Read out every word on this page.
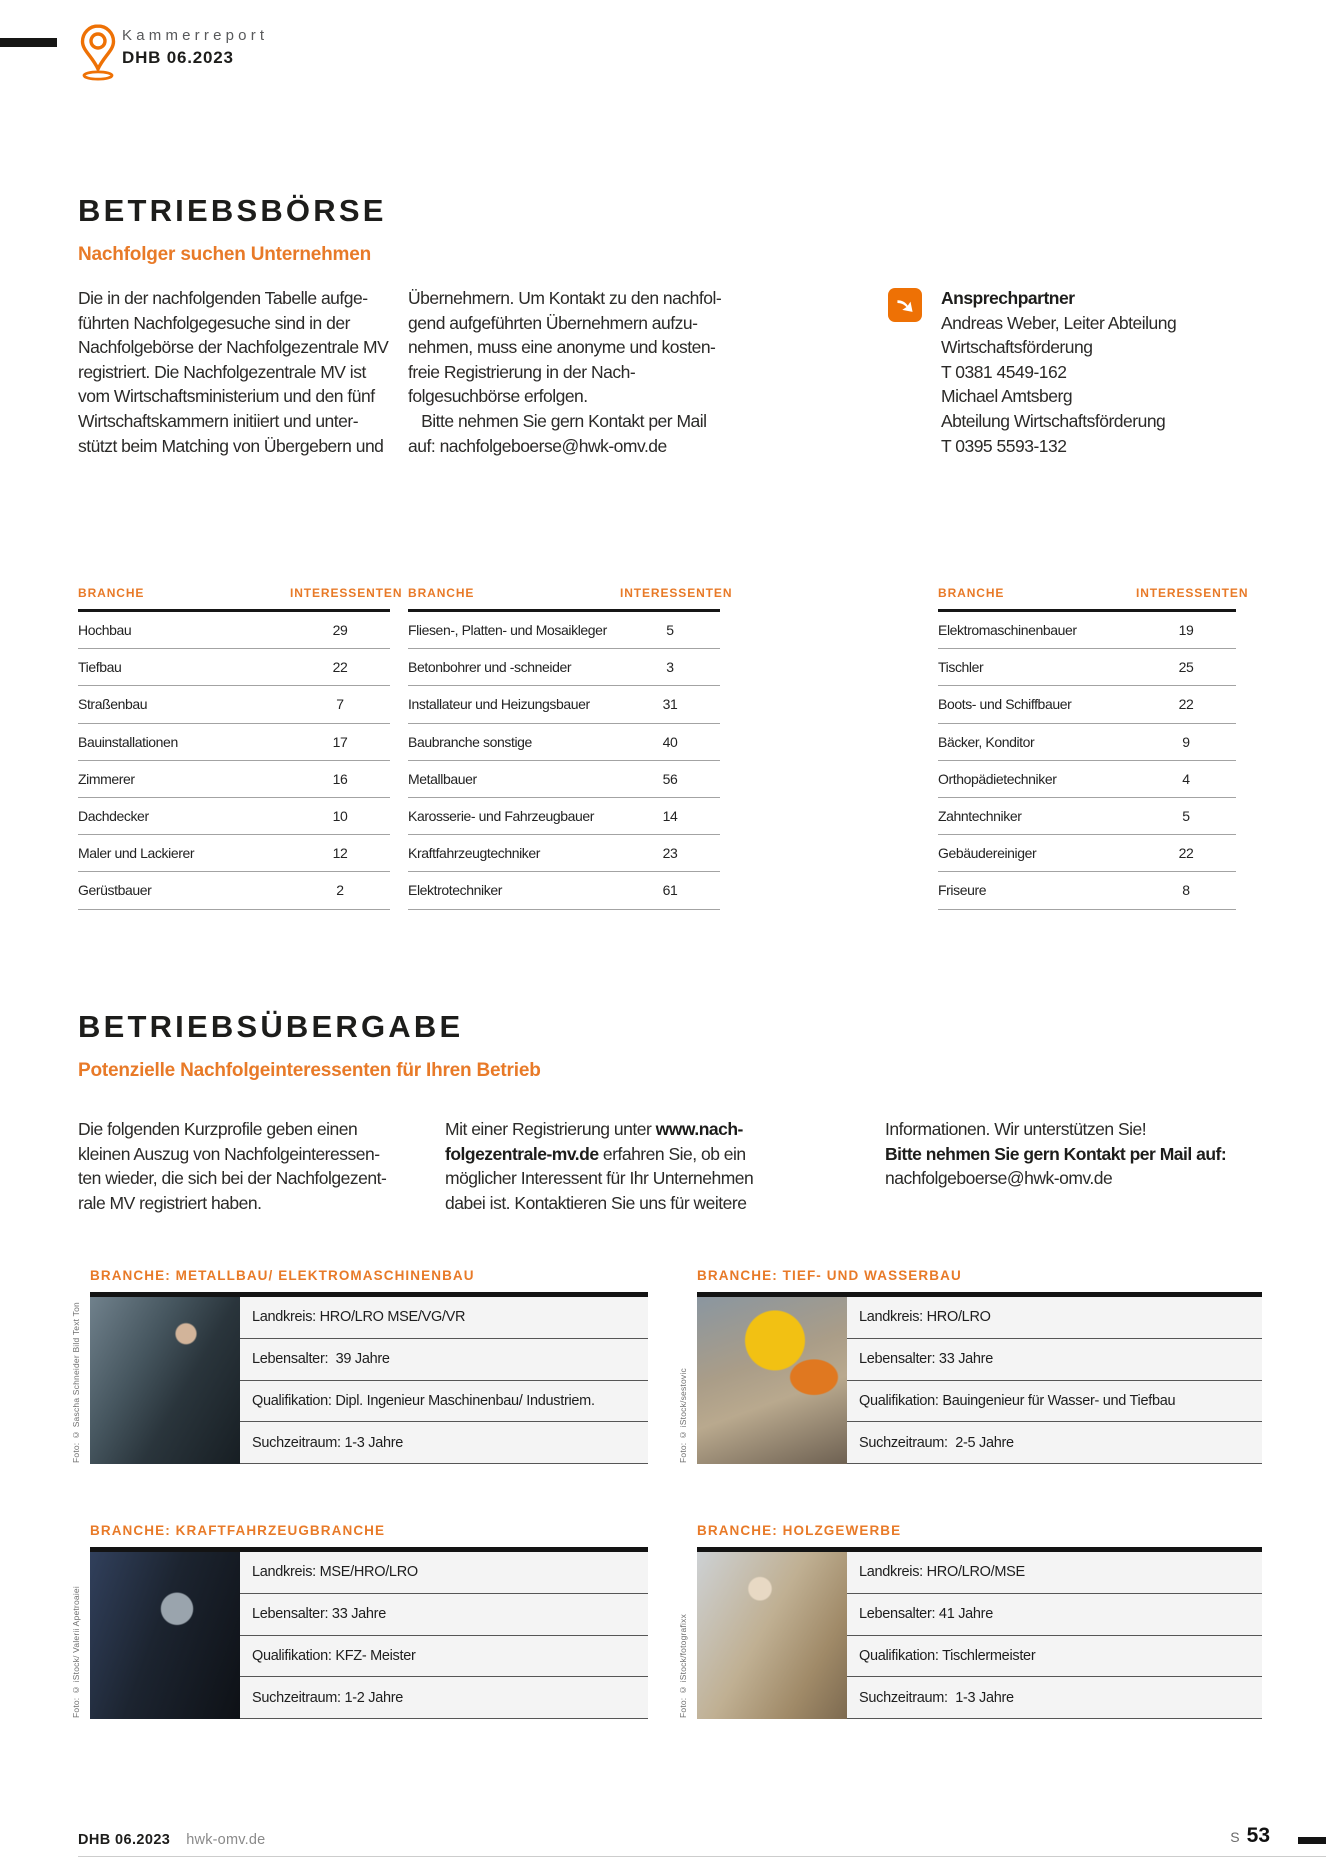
Kammerreport
DHB 06.2023
BETRIEBSBÖRSE
Nachfolger suchen Unternehmen
Die in der nachfolgenden Tabelle aufge-
führten Nachfolgegesuche sind in der
Nachfolgebörse der Nachfolgezentrale MV
registriert. Die Nachfolgezentrale MV ist
vom Wirtschaftsministerium und den fünf
Wirtschaftskammern initiiert und unter-
stützt beim Matching von Übergebern und
Übernehmern. Um Kontakt zu den nachfol-
gend aufgeführten Übernehmern aufzu-
nehmen, muss eine anonyme und kosten-
freie Registrierung in der Nach-
folgesuchbörse erfolgen.
Bitte nehmen Sie gern Kontakt per Mail
auf: nachfolgeboerse@hwk-omv.de
Ansprechpartner
Andreas Weber, Leiter Abteilung
Wirtschaftsförderung
T 0381 4549-162
Michael Amtsberg
Abteilung Wirtschaftsförderung
T 0395 5593-132
BRANCHE	INTERESSENTEN
Hochbau	29
Tiefbau	22
Straßenbau	7
Bauinstallationen	17
Zimmerer	16
Dachdecker	10
Maler und Lackierer	12
Gerüstbauer	2
BRANCHE	INTERESSENTEN
Fliesen-, Platten- und Mosaikleger	5
Betonbohrer und -schneider	3
Installateur und Heizungsbauer	31
Baubranche sonstige	40
Metallbauer	56
Karosserie- und Fahrzeugbauer	14
Kraftfahrzeugtechniker	23
Elektrotechniker	61
BRANCHE	INTERESSENTEN
Elektromaschinenbauer	19
Tischler	25
Boots- und Schiffbauer	22
Bäcker, Konditor	9
Orthopädietechniker	4
Zahntechniker	5
Gebäudereiniger	22
Friseure	8
BETRIEBSÜBERGABE
Potenzielle Nachfolgeinteressenten für Ihren Betrieb
Die folgenden Kurzprofile geben einen
kleinen Auszug von Nachfolgeinteressen-
ten wieder, die sich bei der Nachfolgezent-
rale MV registriert haben.
Mit einer Registrierung unter www.nach-
folgezentrale-mv.de erfahren Sie, ob ein
möglicher Interessent für Ihr Unternehmen
dabei ist. Kontaktieren Sie uns für weitere
Informationen. Wir unterstützen Sie!
Bitte nehmen Sie gern Kontakt per Mail auf:
nachfolgeboerse@hwk-omv.de
BRANCHE: METALLBAU/ ELEKTROMASCHINENBAU
Foto: © Sascha Schneider Bild Text Ton	Landkreis: HRO/LRO MSE/VG/VR
Lebensalter:  39 Jahre
Qualifikation: Dipl. Ingenieur Maschinenbau/ Industriem.
Suchzeitraum: 1-3 Jahre
BRANCHE: TIEF- UND WASSERBAU
Foto: © iStock/sestovic
Landkreis: HRO/LRO
Lebensalter: 33 Jahre
Qualifikation: Bauingenieur für Wasser- und Tiefbau
Suchzeitraum:  2-5 Jahre
BRANCHE: KRAFTFAHRZEUGBRANCHE
Foto: © iStock/ Valerii Apetroaiei
Landkreis: MSE/HRO/LRO
Lebensalter: 33 Jahre
Qualifikation: KFZ- Meister
Suchzeitraum: 1-2 Jahre
BRANCHE: HOLZGEWERBE
Foto: © iStock/fotografixx
Landkreis: HRO/LRO/MSE
Lebensalter: 41 Jahre
Qualifikation: Tischlermeister
Suchzeitraum:  1-3 Jahre
DHB 06.2023 hwk-omv.de	S 53
